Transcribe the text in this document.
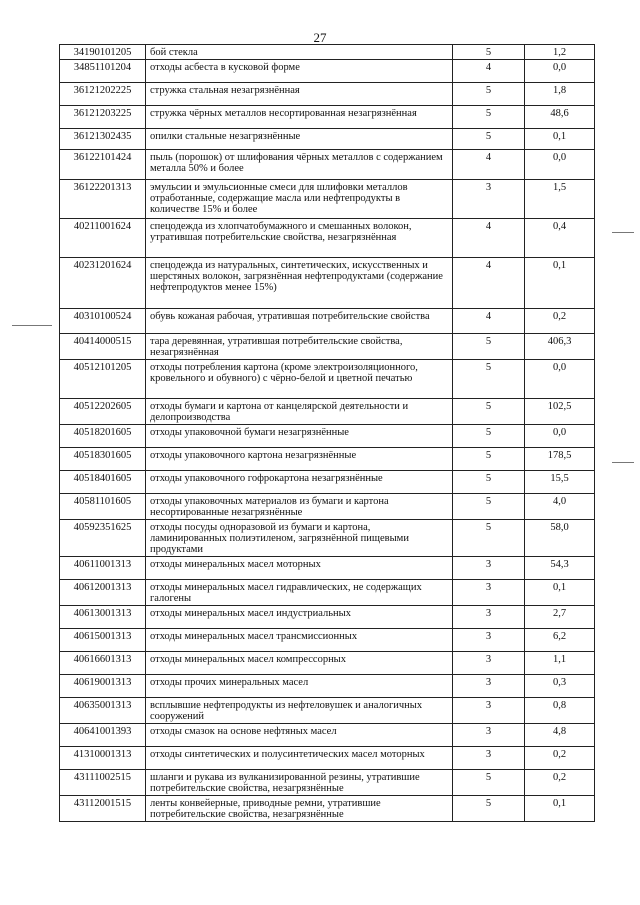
27
34190101205	бой стекла	5	1,2
34851101204	отходы асбеста в кусковой форме	4	0,0
36121202225	стружка стальная незагрязнённая	5	1,8
36121203225	стружка чёрных металлов несортированная незагрязнённая	5	48,6
36121302435	опилки стальные незагрязнённые	5	0,1
36122101424	пыль (порошок) от шлифования чёрных металлов с содержанием металла 50% и более	4	0,0
36122201313	эмульсии и эмульсионные смеси для шлифовки металлов отработанные, содержащие масла или нефтепродукты в количестве 15% и более	3	1,5
40211001624	спецодежда из хлопчатобумажного и смешанных волокон, утратившая потребительские свойства, незагрязнённая	4	0,4
40231201624	спецодежда из натуральных, синтетических, искусственных и шерстяных волокон, загрязнённая нефтепродуктами (содержание нефтепродуктов менее 15%)	4	0,1
40310100524	обувь кожаная рабочая, утратившая потребительские свойства	4	0,2
40414000515	тара деревянная, утратившая потребительские свойства, незагрязнённая	5	406,3
40512101205	отходы потребления картона (кроме электроизоляционного, кровельного и обувного) с чёрно-белой и цветной печатью	5	0,0
40512202605	отходы бумаги и картона от канцелярской деятельности и делопроизводства	5	102,5
40518201605	отходы упаковочной бумаги незагрязнённые	5	0,0
40518301605	отходы упаковочного картона незагрязнённые	5	178,5
40518401605	отходы упаковочного гофрокартона незагрязнённые	5	15,5
40581101605	отходы упаковочных материалов из бумаги и картона несортированные незагрязнённые	5	4,0
40592351625	отходы посуды одноразовой из бумаги и картона, ламинированных полиэтиленом, загрязнённой пищевыми продуктами	5	58,0
40611001313	отходы минеральных масел моторных	3	54,3
40612001313	отходы минеральных масел гидравлических, не содержащих галогены	3	0,1
40613001313	отходы минеральных масел индустриальных	3	2,7
40615001313	отходы минеральных масел трансмиссионных	3	6,2
40616601313	отходы минеральных масел компрессорных	3	1,1
40619001313	отходы прочих минеральных масел	3	0,3
40635001313	всплывшие нефтепродукты из нефтеловушек и аналогичных сооружений	3	0,8
40641001393	отходы смазок на основе нефтяных масел	3	4,8
41310001313	отходы синтетических и полусинтетических масел моторных	3	0,2
43111002515	шланги и рукава из вулканизированной резины, утратившие потребительские свойства, незагрязнённые	5	0,2
43112001515	ленты конвейерные, приводные ремни, утратившие потребительские свойства, незагрязнённые	5	0,1
